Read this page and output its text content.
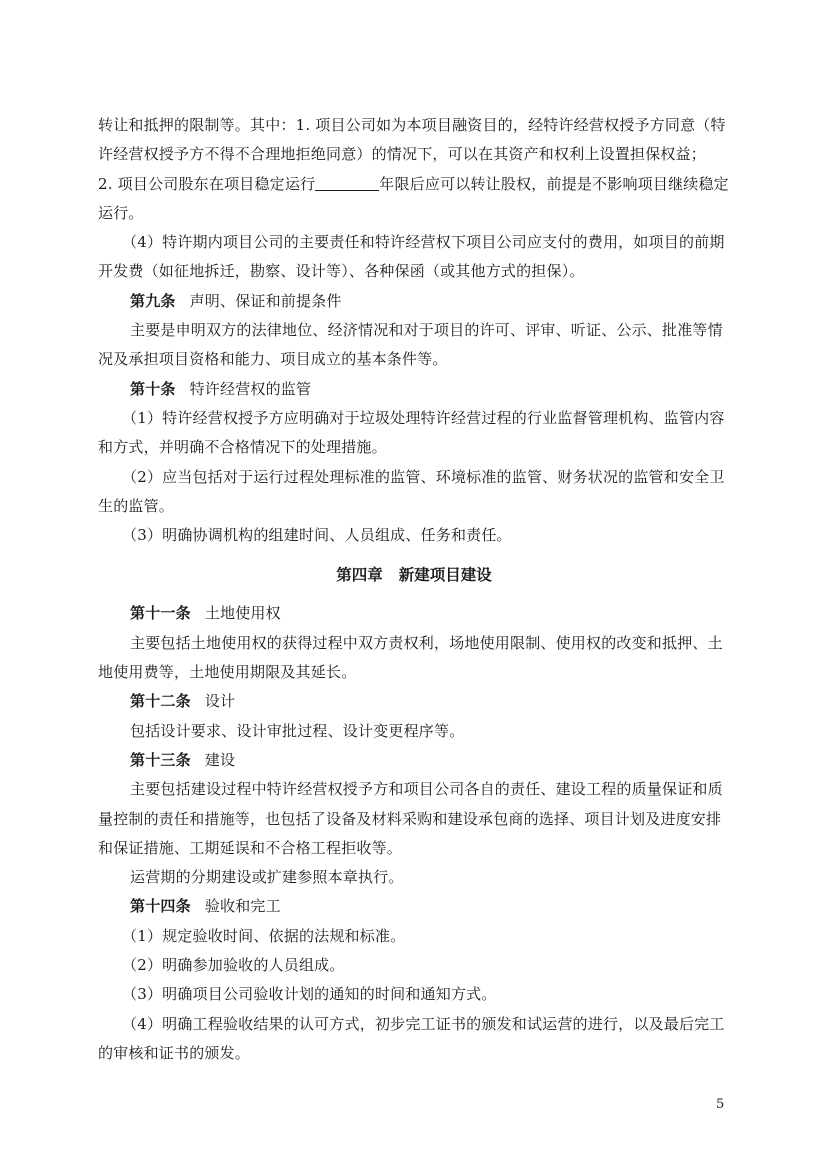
转让和抵押的限制等。其中：1. 项目公司如为本项目融资目的，经特许经营权授予方同意（特
许经营权授予方不得不合理地拒绝同意）的情况下，可以在其资产和权利上设置担保权益；
2. 项目公司股东在项目稳定运行	年限后应可以转让股权，前提是不影响项目继续稳定
运行。
（4）特许期内项目公司的主要责任和特许经营权下项目公司应支付的费用，如项目的前期
开发费（如征地拆迁，勘察、设计等）、各种保函（或其他方式的担保）。
第九条 声明、保证和前提条件
主要是申明双方的法律地位、经济情况和对于项目的许可、评审、听证、公示、批准等情
况及承担项目资格和能力、项目成立的基本条件等。
第十条 特许经营权的监管
（1）特许经营权授予方应明确对于垃圾处理特许经营过程的行业监督管理机构、监管内容
和方式，并明确不合格情况下的处理措施。
（2）应当包括对于运行过程处理标准的监管、环境标准的监管、财务状况的监管和安全卫
生的监管。
（3）明确协调机构的组建时间、人员组成、任务和责任。
第四章 新建项目建设
第十一条 土地使用权
主要包括土地使用权的获得过程中双方责权利，场地使用限制、使用权的改变和抵押、土
地使用费等，土地使用期限及其延长。
第十二条 设计
包括设计要求、设计审批过程、设计变更程序等。
第十三条 建设
主要包括建设过程中特许经营权授予方和项目公司各自的责任、建设工程的质量保证和质
量控制的责任和措施等，也包括了设备及材料采购和建设承包商的选择、项目计划及进度安排
和保证措施、工期延误和不合格工程拒收等。
运营期的分期建设或扩建参照本章执行。
第十四条 验收和完工
（1）规定验收时间、依据的法规和标准。
（2）明确参加验收的人员组成。
（3）明确项目公司验收计划的通知的时间和通知方式。
（4）明确工程验收结果的认可方式，初步完工证书的颁发和试运营的进行，以及最后完工
的审核和证书的颁发。
5
